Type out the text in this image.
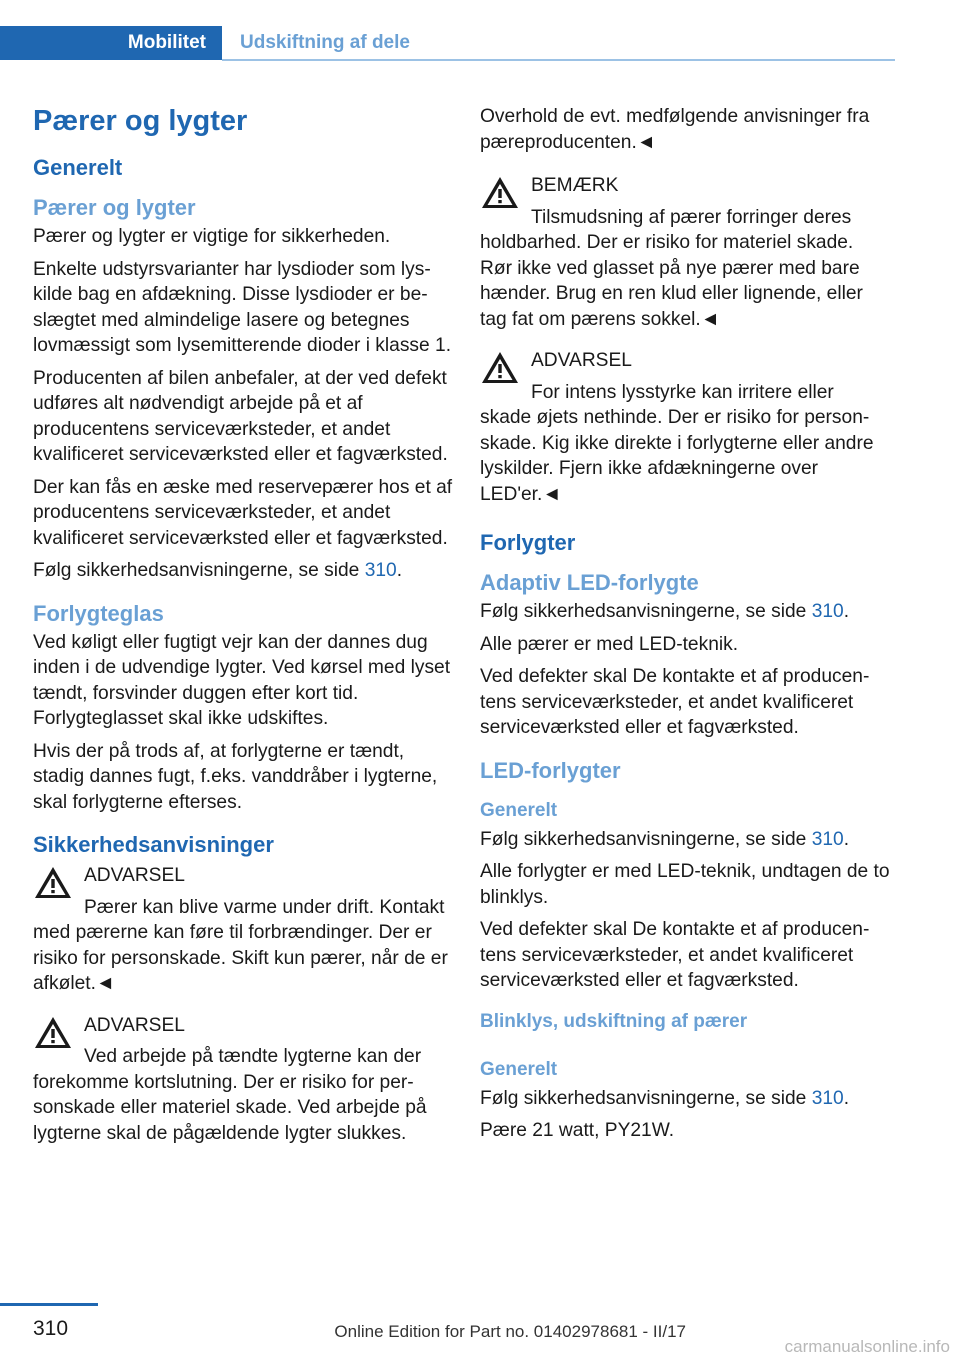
Mobilitet Udskiftning af dele
Pærer og lygter
Generelt
Pærer og lygter

Pærer og lygter er vigtige for sikkerheden.

Enkelte udstyrsvarianter har lysdioder som lyskilde bag en afdækning. Disse lysdioder er beslægtet med almindelige lasere og betegnes lovmæssigt som lysemitterende dioder i klasse 1.

Producenten af bilen anbefaler, at der ved defekt udføres alt nødvendigt arbejde på et af producentens serviceværksteder, et andet kvalificeret serviceværksted eller et fagværksted.

Der kan fås en æske med reservepærer hos et af producentens serviceværksteder, et andet kvalificeret serviceværksted eller et fagværksted.

Følg sikkerhedsanvisningerne, se side 310.

Forlygteglas

Ved køligt eller fugtigt vejr kan der dannes dug inden i de udvendige lygter. Ved kørsel med lyset tændt, forsvinder duggen efter kort tid. Forlygteglasset skal ikke udskiftes.

Hvis der på trods af, at forlygterne er tændt, stadig dannes fugt, f.eks. vanddråber i lygterne, skal forlygterne efterses.

Sikkerhedsanvisninger
ADVARSEL
Pærer kan blive varme under drift. Kontakt med pærerne kan føre til forbrændinger. Der er risiko for personskade. Skift kun pærer, når de er afkølet.◄
ADVARSEL
Ved arbejde på tændte lygterne kan der forekomme kortslutning. Der er risiko for personskade eller materiel skade. Ved arbejde på lygterne skal de pågældende lygter slukkes.

Overhold de evt. medfølgende anvisninger fra pæreproducenten.◄

BEMÆRK
Tilsmudsning af pærer forringer deres holdbarhed. Der er risiko for materiel skade. Rør ikke ved glasset på nye pærer med bare hænder. Brug en ren klud eller lignende, eller tag fat om pærens sokkel.◄
ADVARSEL
For intens lysstyrke kan irritere eller skade øjets nethinde. Der er risiko for personskade. Kig ikke direkte i forlygterne eller andre lyskilder. Fjern ikke afdækningerne over LED'er.◄
Forlygter
Adaptiv LED-forlygte

Følg sikkerhedsanvisningerne, se side 310.

Alle pærer er med LED-teknik.

Ved defekter skal De kontakte et af producentens serviceværksteder, et andet kvalificeret serviceværksted eller et fagværksted.

LED-forlygter
Generelt

Følg sikkerhedsanvisningerne, se side 310.

Alle forlygter er med LED-teknik, undtagen de to blinklys.

Ved defekter skal De kontakte et af producentens serviceværksteder, et andet kvalificeret serviceværksted eller et fagværksted.

Blinklys, udskiftning af pærer
Generelt

Følg sikkerhedsanvisningerne, se side 310.

Pære 21 watt, PY21W.

310	Online Edition for Part no. 01402978681 - II/17
carmanualsonline.info
